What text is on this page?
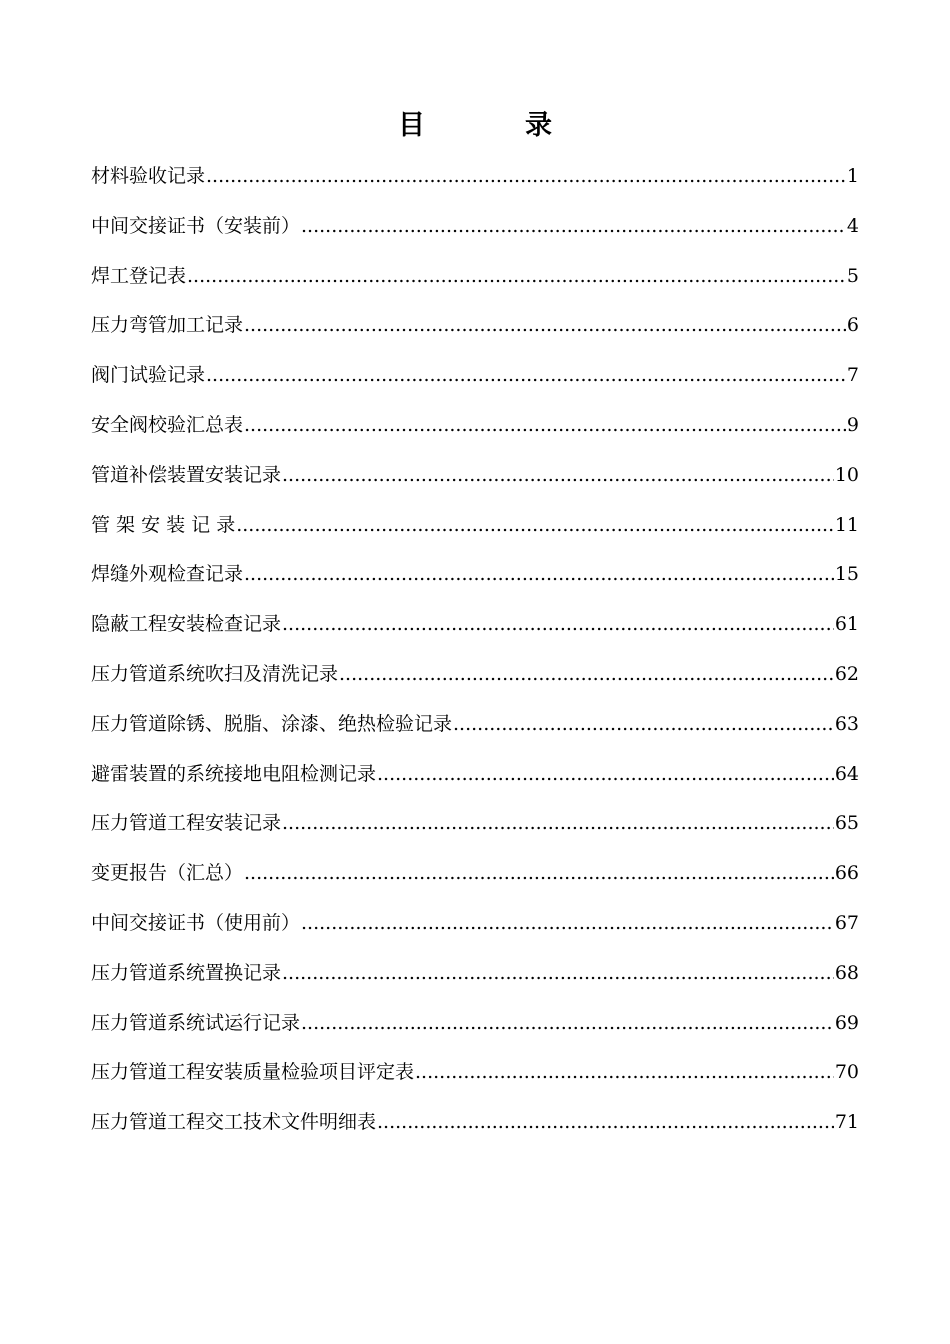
目	录
材料验收记录 .....	1
中间交接证书（安装前） .....	4
焊工登记表 .....	5
压力弯管加工记录 .....	6
阀门试验记录 .....	7
安全阀校验汇总表 .....	9
管道补偿装置安装记录 .....	10
管 架 安 装 记 录 .....	11
焊缝外观检查记录 .....	15
隐蔽工程安装检查记录 .....	61
压力管道系统吹扫及清洗记录 .....	62
压力管道除锈、脱脂、涂漆、绝热检验记录 .....	63
避雷装置的系统接地电阻检测记录 .....	64
压力管道工程安装记录 .....	65
变更报告（汇总） .....	66
中间交接证书（使用前） .....	67
压力管道系统置换记录 .....	68
压力管道系统试运行记录 .....	69
压力管道工程安装质量检验项目评定表 .....	70
压力管道工程交工技术文件明细表 .....	71
